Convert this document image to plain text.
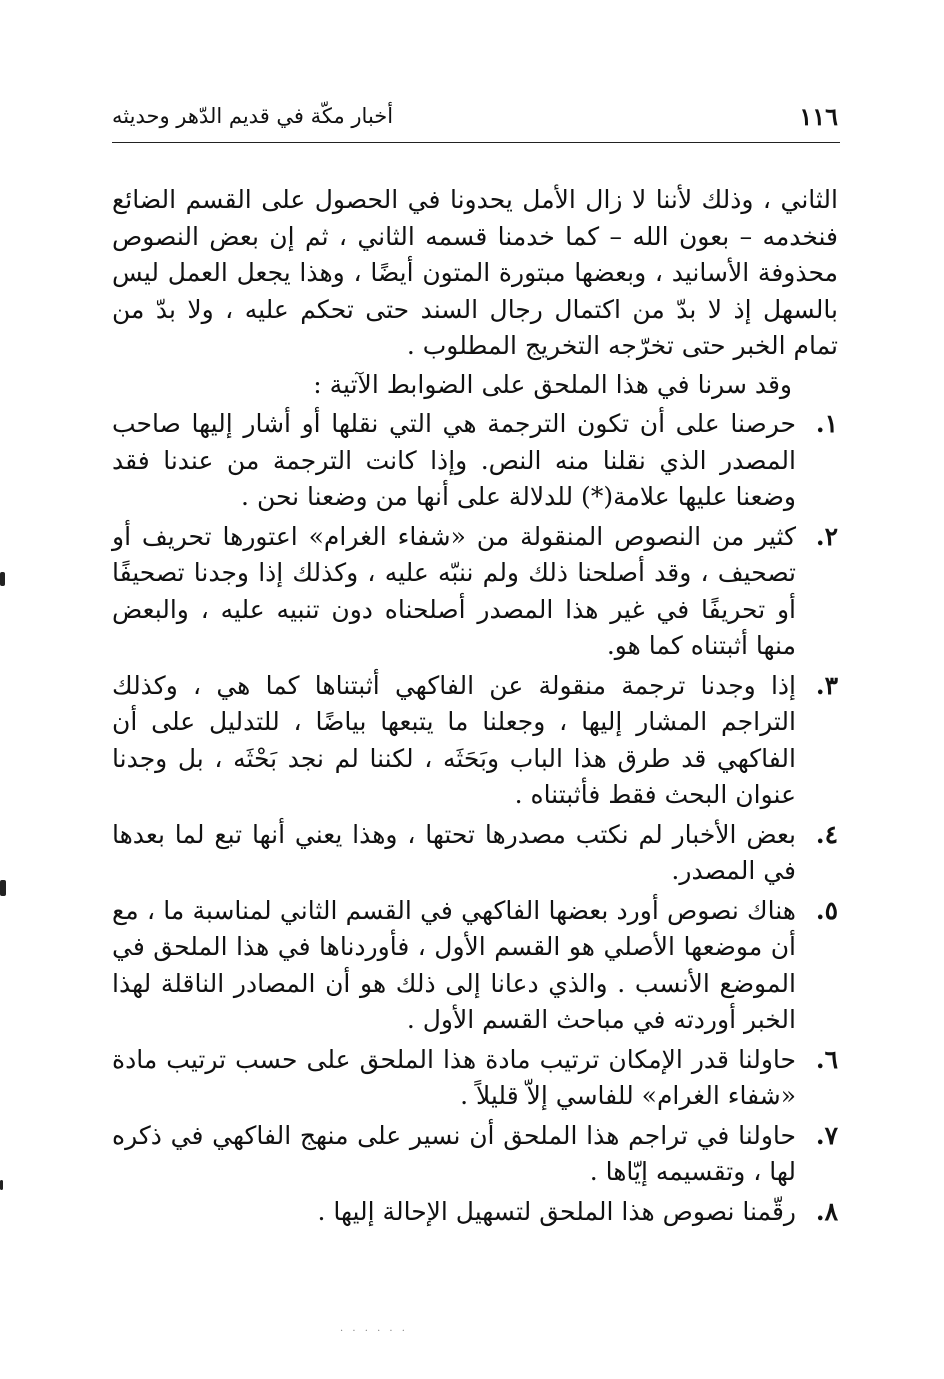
١١٦
أخبار مكّة في قديم الدّهر وحديثه

الثاني ، وذلك لأننا لا زال الأمل يحدونا في الحصول على القسم الضائع فنخدمه – بعون الله – كما خدمنا قسمه الثاني ، ثم إن بعض النصوص محذوفة الأسانيد ، وبعضها مبتورة المتون أيضًا ، وهذا يجعل العمل ليس بالسهل إذ لا بدّ من اكتمال رجال السند حتى تحكم عليه ، ولا بدّ من تمام الخبر حتى تخرّجه التخريج المطلوب .

وقد سرنا في هذا الملحق على الضوابط الآتية :

١.
حرصنا على أن تكون الترجمة هي التي نقلها أو أشار إليها صاحب المصدر الذي نقلنا منه النص. وإذا كانت الترجمة من عندنا فقد وضعنا عليها علامة(*) للدلالة على أنها من وضعنا نحن .
٢.
كثير من النصوص المنقولة من «شفاء الغرام» اعتورها تحريف أو تصحيف ، وقد أصلحنا ذلك ولم ننبّه عليه ، وكذلك إذا وجدنا تصحيفًا أو تحريفًا في غير هذا المصدر أصلحناه دون تنبيه عليه ، والبعض منها أثبتناه كما هو.
٣.
إذا وجدنا ترجمة منقولة عن الفاكهي أثبتناها كما هي ، وكذلك التراجم المشار إليها ، وجعلنا ما يتبعها بياضًا ، للتدليل على أن الفاكهي قد طرق هذا الباب وبَحَثَه ، لكننا لم نجد بَحْثَه ، بل وجدنا عنوان البحث فقط فأثبتناه .
٤.
بعض الأخبار لم نكتب مصدرها تحتها ، وهذا يعني أنها تبع لما بعدها في المصدر.
٥.
هناك نصوص أورد بعضها الفاكهي في القسم الثاني لمناسبة ما ، مع أن موضعها الأصلي هو القسم الأول ، فأوردناها في هذا الملحق في الموضع الأنسب . والذي دعانا إلى ذلك هو أن المصادر الناقلة لهذا الخبر أوردته في مباحث القسم الأول .
٦.
حاولنا قدر الإمكان ترتيب مادة هذا الملحق على حسب ترتيب مادة «شفاء الغرام» للفاسي إلاّ قليلاً .
٧.
حاولنا في تراجم هذا الملحق أن نسير على منهج الفاكهي في ذكره لها ، وتقسيمه إيّاها .
٨.
رقّمنا نصوص هذا الملحق لتسهيل الإحالة إليها .
· · · · · ·
